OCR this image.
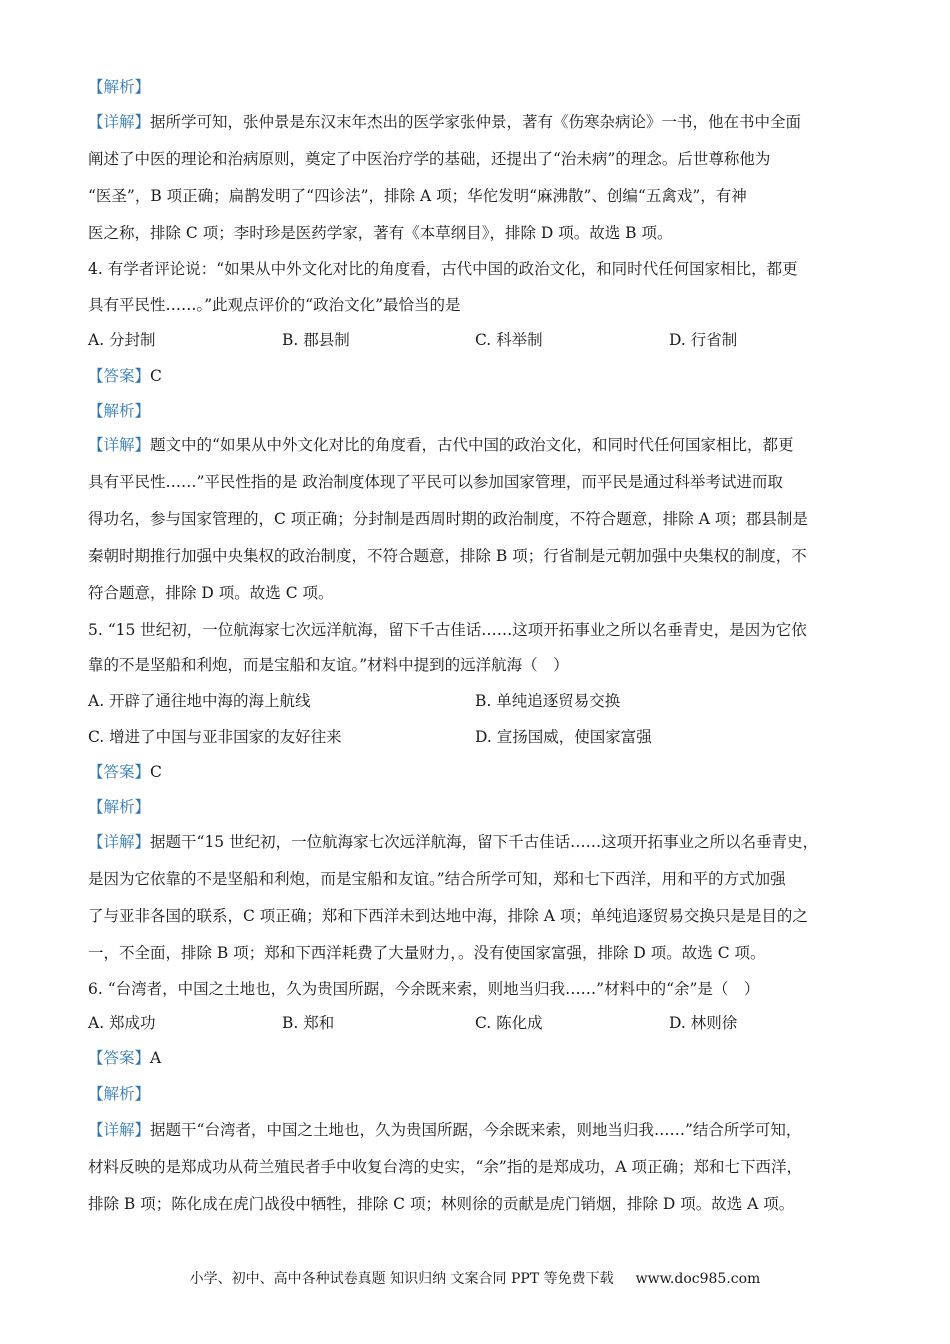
【解析】
【详解】据所学可知，张仲景是东汉末年杰出的医学家张仲景，著有《伤寒杂病论》一书，他在书中全面
阐述了中医的理论和治病原则，奠定了中医治疗学的基础，还提出了“治未病”的理念。后世尊称他为
“医圣”，B 项正确；扁鹊发明了“四诊法”，排除 A 项；华佗发明“麻沸散”、创编“五禽戏”，有神
医之称，排除 C 项；李时珍是医药学家，著有《本草纲目》，排除 D 项。故选 B 项。
4. 有学者评论说：“如果从中外文化对比的角度看，古代中国的政治文化，和同时代任何国家相比，都更
具有平民性……。”此观点评价的“政治文化”最恰当的是
A. 分封制	B. 郡县制	C. 科举制	D. 行省制
【答案】C
【解析】
【详解】题文中的“如果从中外文化对比的角度看，古代中国的政治文化，和同时代任何国家相比，都更
具有平民性……”平民性指的是 政治制度体现了平民可以参加国家管理，而平民是通过科举考试进而取
得功名，参与国家管理的，C 项正确；分封制是西周时期的政治制度，不符合题意，排除 A 项；郡县制是
秦朝时期推行加强中央集权的政治制度，不符合题意，排除 B 项；行省制是元朝加强中央集权的制度，不
符合题意，排除 D 项。故选 C 项。
5. “15 世纪初，一位航海家七次远洋航海，留下千古佳话……这项开拓事业之所以名垂青史，是因为它依
靠的不是坚船和利炮，而是宝船和友谊。”材料中提到的远洋航海（　）
A. 开辟了通往地中海的海上航线	B. 单纯追逐贸易交换
C. 增进了中国与亚非国家的友好往来	D. 宣扬国威，使国家富强
【答案】C
【解析】
【详解】据题干“15 世纪初，一位航海家七次远洋航海，留下千古佳话……这项开拓事业之所以名垂青史，
是因为它依靠的不是坚船和利炮，而是宝船和友谊。”结合所学可知，郑和七下西洋，用和平的方式加强
了与亚非各国的联系，C 项正确；郑和下西洋未到达地中海，排除 A 项；单纯追逐贸易交换只是是目的之
一，不全面，排除 B 项；郑和下西洋耗费了大量财力，。没有使国家富强，排除 D 项。故选 C 项。
6. “台湾者，中国之土地也，久为贵国所踞，今余既来索，则地当归我……”材料中的“余”是（　）
A. 郑成功	B. 郑和	C. 陈化成	D. 林则徐
【答案】A
【解析】
【详解】据题干“台湾者，中国之土地也，久为贵国所踞，今余既来索，则地当归我……”结合所学可知，
材料反映的是郑成功从荷兰殖民者手中收复台湾的史实，“余”指的是郑成功，A 项正确；郑和七下西洋，
排除 B 项；陈化成在虎门战役中牺牲，排除 C 项；林则徐的贡献是虎门销烟，排除 D 项。故选 A 项。
小学、初中、高中各种试卷真题 知识归纳 文案合同 PPT 等免费下载 www.doc985.com
